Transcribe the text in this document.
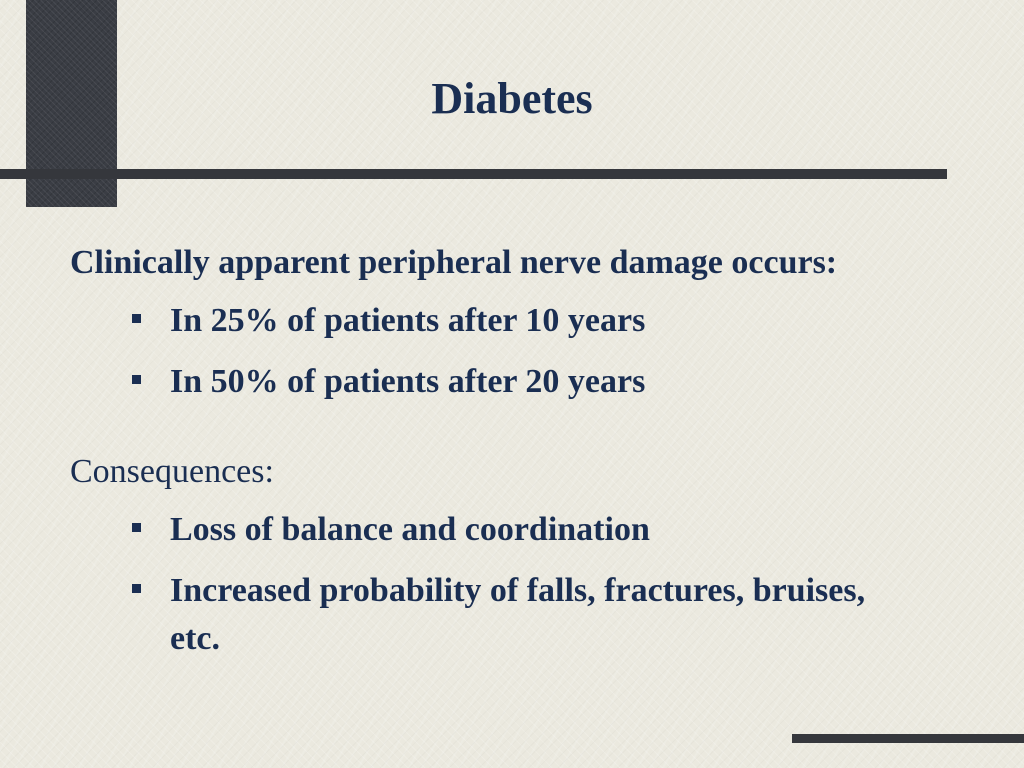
Diabetes

Clinically apparent peripheral nerve damage occurs:

In 25% of patients after 10 years
In 50% of patients after 20 years

Consequences:

Loss of balance and coordination
Increased probability of falls, fractures, bruises, etc.
